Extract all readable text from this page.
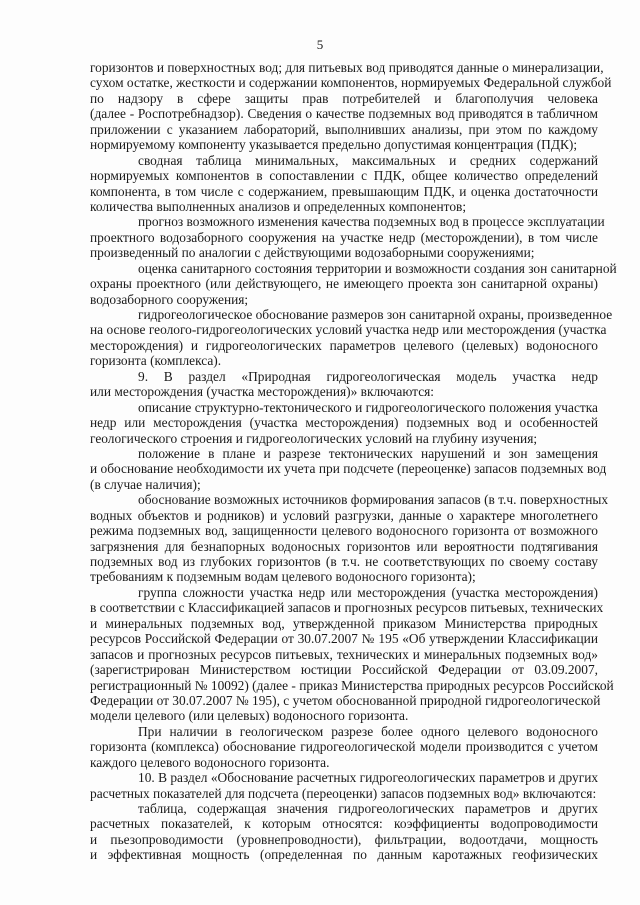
5
горизонтов и поверхностных вод; для питьевых вод приводятся данные о минерализации,
сухом остатке, жесткости и содержании компонентов, нормируемых Федеральной службой
по надзору в сфере защиты прав потребителей и благополучия человека
(далее - Роспотребнадзор). Сведения о качестве подземных вод приводятся в табличном
приложении с указанием лабораторий, выполнивших анализы, при этом по каждому
нормируемому компоненту указывается предельно допустимая концентрация (ПДК);
сводная таблица минимальных, максимальных и средних содержаний
нормируемых компонентов в сопоставлении с ПДК, общее количество определений
компонента, в том числе с содержанием, превышающим ПДК, и оценка достаточности
количества выполненных анализов и определенных компонентов;
прогноз возможного изменения качества подземных вод в процессе эксплуатации
проектного водозаборного сооружения на участке недр (месторождении), в том числе
произведенный по аналогии с действующими водозаборными сооружениями;
оценка санитарного состояния территории и возможности создания зон санитарной
охраны проектного (или действующего, не имеющего проекта зон санитарной охраны)
водозаборного сооружения;
гидрогеологическое обоснование размеров зон санитарной охраны, произведенное
на основе геолого-гидрогеологических условий участка недр или месторождения (участка
месторождения) и гидрогеологических параметров целевого (целевых) водоносного
горизонта (комплекса).
9. В раздел «Природная гидрогеологическая модель участка недр
или месторождения (участка месторождения)» включаются:
описание структурно-тектонического и гидрогеологического положения участка
недр или месторождения (участка месторождения) подземных вод и особенностей
геологического строения и гидрогеологических условий на глубину изучения;
положение в плане и разрезе тектонических нарушений и зон замещения
и обоснование необходимости их учета при подсчете (переоценке) запасов подземных вод
(в случае наличия);
обоснование возможных источников формирования запасов (в т.ч. поверхностных
водных объектов и родников) и условий разгрузки, данные о характере многолетнего
режима подземных вод, защищенности целевого водоносного горизонта от возможного
загрязнения для безнапорных водоносных горизонтов или вероятности подтягивания
подземных вод из глубоких горизонтов (в т.ч. не соответствующих по своему составу
требованиям к подземным водам целевого водоносного горизонта);
группа сложности участка недр или месторождения (участка месторождения)
в соответствии с Классификацией запасов и прогнозных ресурсов питьевых, технических
и минеральных подземных вод, утвержденной приказом Министерства природных
ресурсов Российской Федерации от 30.07.2007 № 195 «Об утверждении Классификации
запасов и прогнозных ресурсов питьевых, технических и минеральных подземных вод»
(зарегистрирован Министерством юстиции Российской Федерации от 03.09.2007,
регистрационный № 10092) (далее - приказ Министерства природных ресурсов Российской
Федерации от 30.07.2007 № 195), с учетом обоснованной природной гидрогеологической
модели целевого (или целевых) водоносного горизонта.
При наличии в геологическом разрезе более одного целевого водоносного
горизонта (комплекса) обоснование гидрогеологической модели производится с учетом
каждого целевого водоносного горизонта.
10. В раздел «Обоснование расчетных гидрогеологических параметров и других
расчетных показателей для подсчета (переоценки) запасов подземных вод» включаются:
таблица, содержащая значения гидрогеологических параметров и других
расчетных показателей, к которым относятся: коэффициенты водопроводимости
и пьезопроводимости (уровнепроводности), фильтрации, водоотдачи, мощность
и эффективная мощность (определенная по данным каротажных геофизических
